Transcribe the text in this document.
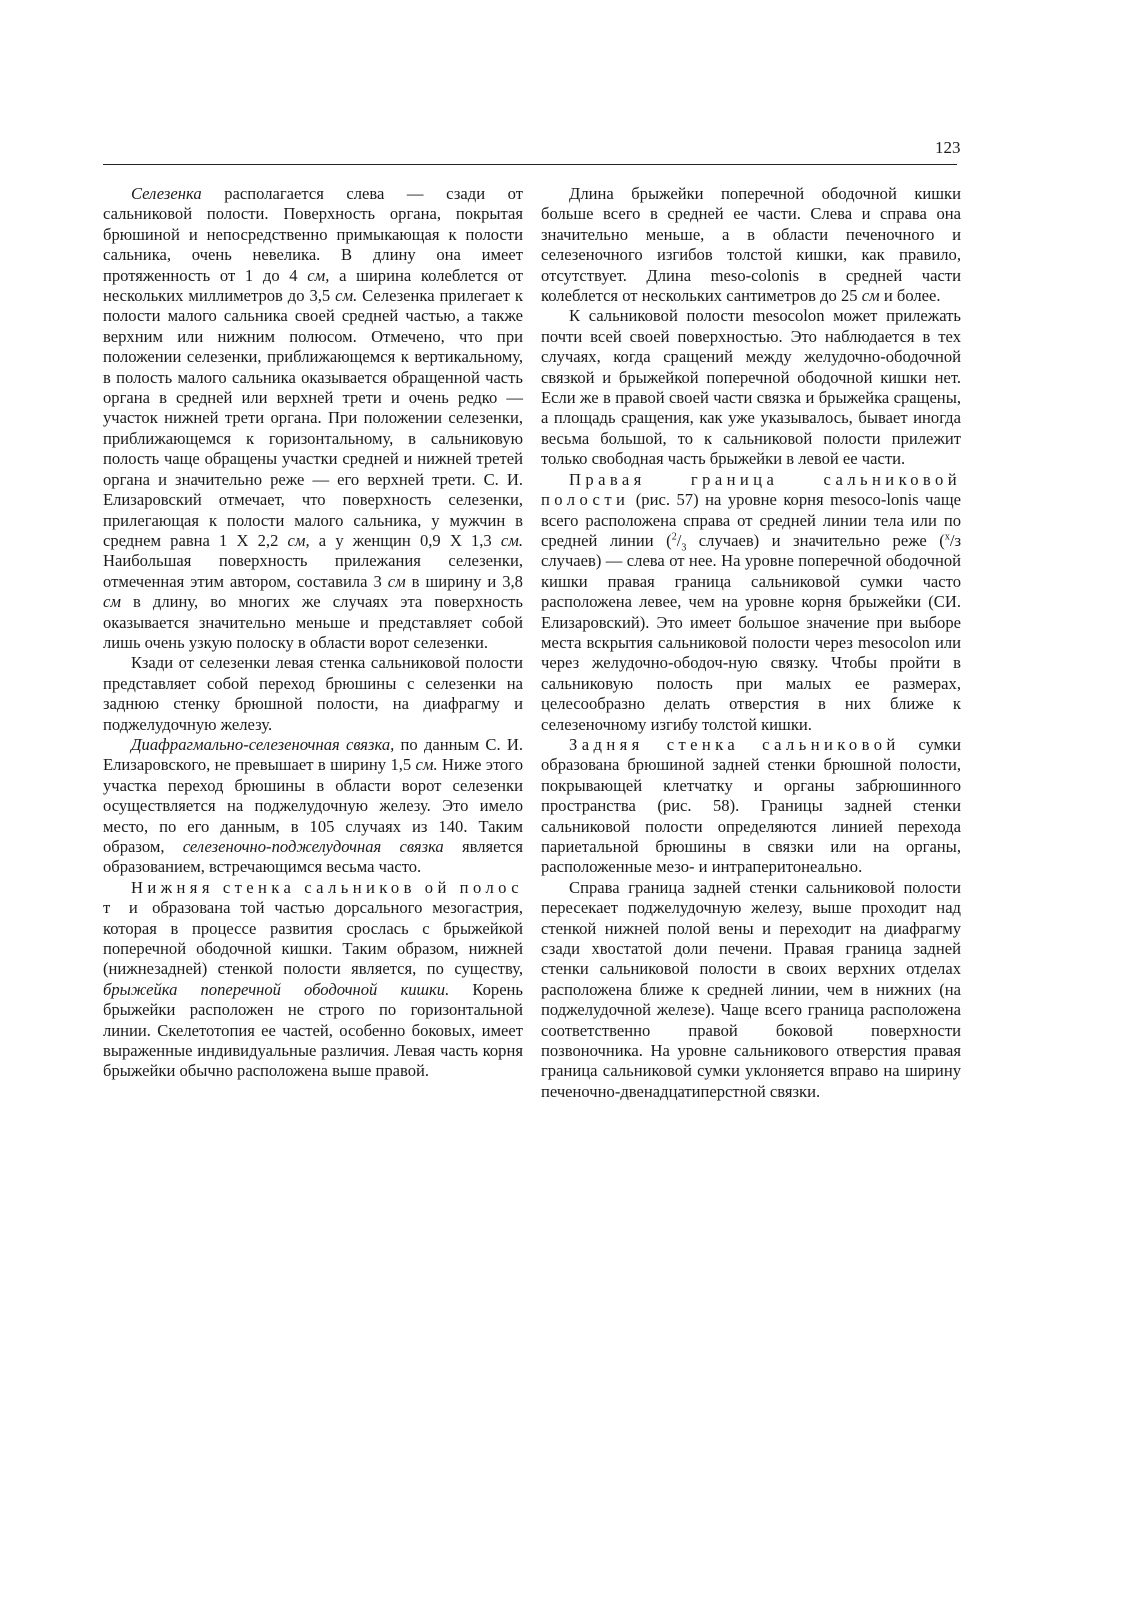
123

Селезенка располагается слева — сзади от сальниковой полости. Поверхность органа, покрытая брюшиной и непосредственно примыкающая к полости сальника, очень невелика. В длину она имеет протяженность от 1 до 4 см, а ширина колеблется от нескольких миллиметров до 3,5 см. Селезенка прилегает к полости малого сальника своей средней частью, а также верхним или нижним полюсом. Отмечено, что при положении селезенки, приближающемся к вертикальному, в полость малого сальника оказывается обращенной часть органа в средней или верхней трети и очень редко — участок нижней трети органа. При положении селезенки, приближающемся к горизонтальному, в сальниковую полость чаще обращены участки средней и нижней третей органа и значительно реже — его верхней трети. С. И. Елизаровский отмечает, что поверхность селезенки, прилегающая к полости малого сальника, у мужчин в среднем равна 1 X 2,2 см, а у женщин 0,9 X 1,3 см. Наибольшая поверхность прилежания селезенки, отмеченная этим автором, составила 3 см в ширину и 3,8 см в длину, во многих же случаях эта поверхность оказывается значительно меньше и представляет собой лишь очень узкую полоску в области ворот селезенки.

Кзади от селезенки левая стенка сальниковой полости представляет собой переход брюшины с селезенки на заднюю стенку брюшной полости, на диафрагму и поджелудочную железу.

Диафрагмально-селезеночная связка, по данным С. И. Елизаровского, не превышает в ширину 1,5 см. Ниже этого участка переход брюшины в области ворот селезенки осуществляется на поджелудочную железу. Это имело место, по его данным, в 105 случаях из 140. Таким образом, селезеночно-поджелудочная связка является образованием, встречающимся весьма часто.

Нижняя стенка сальников ой полос т и образована той частью дорсального мезогастрия, которая в процессе развития срослась с брыжейкой поперечной ободочной кишки. Таким образом, нижней (нижнезадней) стенкой полости является, по существу, брыжейка поперечной ободочной кишки. Корень брыжейки расположен не строго по горизонтальной линии. Скелетотопия ее частей, особенно боковых, имеет выраженные индивидуальные различия. Левая часть корня брыжейки обычно расположена выше правой.

Длина брыжейки поперечной ободочной кишки больше всего в средней ее части. Слева и справа она значительно меньше, а в области печеночного и селезеночного изгибов толстой кишки, как правило, отсутствует. Длина meso-colonis в средней части колеблется от нескольких сантиметров до 25 см и более.

К сальниковой полости mesocolon может прилежать почти всей своей поверхностью. Это наблюдается в тех случаях, когда сращений между желудочно-ободочной связкой и брыжейкой поперечной ободочной кишки нет. Если же в правой своей части связка и брыжейка сращены, а площадь сращения, как уже указывалось, бывает иногда весьма большой, то к сальниковой полости прилежит только свободная часть брыжейки в левой ее части.

Правая граница сальниковой полости (рис. 57) на уровне корня mesoco-lonis чаще всего расположена справа от средней линии тела или по средней линии ($^2/_3$ случаев) и значительно реже ($^x$/з случаев) — слева от нее. На уровне поперечной ободочной кишки правая граница сальниковой сумки часто расположена левее, чем на уровне корня брыжейки (СИ. Елизаровский). Это имеет большое значение при выборе места вскрытия сальниковой полости через mesocolon или через желудочно-ободоч-ную связку. Чтобы пройти в сальниковую полость при малых ее размерах, целесообразно делать отверстия в них ближе к селезеночному изгибу толстой кишки.

Задняя стенка сальниковой сумки образована брюшиной задней стенки брюшной полости, покрывающей клетчатку и органы забрюшинного пространства (рис. 58). Границы задней стенки сальниковой полости определяются линией перехода париетальной брюшины в связки или на органы, расположенные мезо- и интраперитонеально.

Справа граница задней стенки сальниковой полости пересекает поджелудочную железу, выше проходит над стенкой нижней полой вены и переходит на диафрагму сзади хвостатой доли печени. Правая граница задней стенки сальниковой полости в своих верхних отделах расположена ближе к средней линии, чем в нижних (на поджелудочной железе). Чаще всего граница расположена соответственно правой боковой поверхности позвоночника. На уровне сальникового отверстия правая граница сальниковой сумки уклоняется вправо на ширину печеночно-двенадцатиперстной связки.
